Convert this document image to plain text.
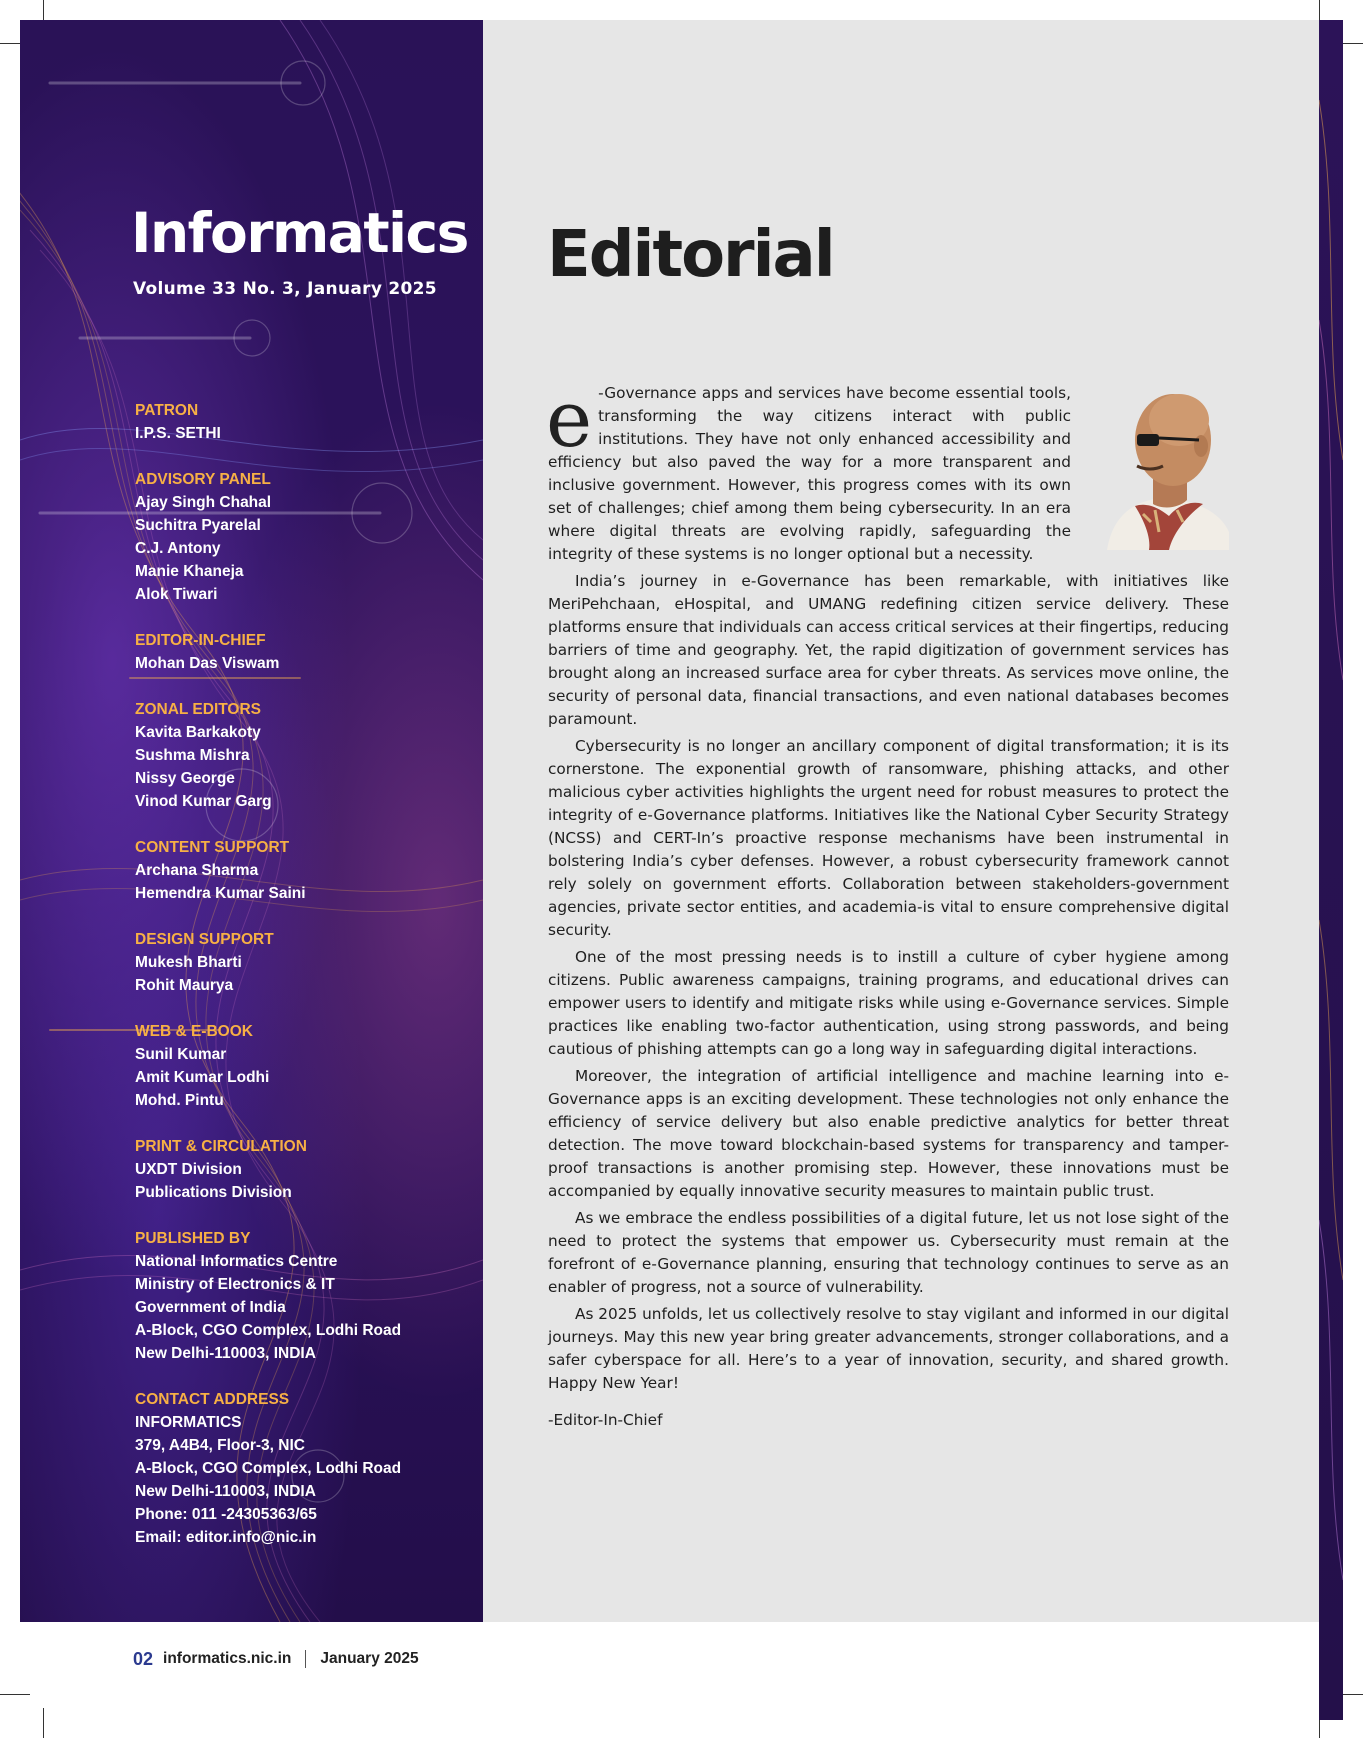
Informatics
Volume 33 No. 3, January 2025
PATRON
I.P.S. SETHI
ADVISORY PANEL
Ajay Singh Chahal
Suchitra Pyarelal
C.J. Antony
Manie Khaneja
Alok Tiwari
EDITOR-IN-CHIEF
Mohan Das Viswam
ZONAL EDITORS
Kavita Barkakoty
Sushma Mishra
Nissy George
Vinod Kumar Garg
CONTENT SUPPORT
Archana Sharma
Hemendra Kumar Saini
DESIGN SUPPORT
Mukesh Bharti
Rohit Maurya
WEB & E-BOOK
Sunil Kumar
Amit Kumar Lodhi
Mohd. Pintu
PRINT & CIRCULATION
UXDT Division
Publications Division
PUBLISHED BY
National Informatics Centre
Ministry of Electronics & IT
Government of India
A-Block, CGO Complex, Lodhi Road
New Delhi-110003, INDIA
CONTACT ADDRESS
INFORMATICS
379, A4B4, Floor-3, NIC
A-Block, CGO Complex, Lodhi Road
New Delhi-110003, INDIA
Phone: 011 -24305363/65
Email: editor.info@nic.in
Editorial

e -Governance apps and services have become essential tools, transforming the way citizens interact with public institutions. They have not only enhanced accessibility and efficiency but also paved the way for a more transparent and inclusive government. However, this progress comes with its own set of challenges; chief among them being cybersecurity. In an era where digital threats are evolving rapidly, safeguarding the integrity of these systems is no longer optional but a necessity.

India’s journey in e-Governance has been remarkable, with initiatives like MeriPehchaan, eHospital, and UMANG redefining citizen service delivery. These platforms ensure that individuals can access critical services at their fingertips, reducing barriers of time and geography. Yet, the rapid digitization of government services has brought along an increased surface area for cyber threats. As services move online, the security of personal data, financial transactions, and even national databases becomes paramount.

Cybersecurity is no longer an ancillary component of digital transformation; it is its cornerstone. The exponential growth of ransomware, phishing attacks, and other malicious cyber activities highlights the urgent need for robust measures to protect the integrity of e-Governance platforms. Initiatives like the National Cyber Security Strategy (NCSS) and CERT-In’s proactive response mechanisms have been instrumental in bolstering India’s cyber defenses. However, a robust cybersecurity framework cannot rely solely on government efforts. Collaboration between stakeholders-government agencies, private sector entities, and academia-is vital to ensure comprehensive digital security.

One of the most pressing needs is to instill a culture of cyber hygiene among citizens. Public awareness campaigns, training programs, and educational drives can empower users to identify and mitigate risks while using e-Governance services. Simple practices like enabling two-factor authentication, using strong passwords, and being cautious of phishing attempts can go a long way in safeguarding digital interactions.

Moreover, the integration of artificial intelligence and machine learning into e-Governance apps is an exciting development. These technologies not only enhance the efficiency of service delivery but also enable predictive analytics for better threat detection. The move toward blockchain-based systems for transparency and tamper-proof transactions is another promising step. However, these innovations must be accompanied by equally innovative security measures to maintain public trust.

As we embrace the endless possibilities of a digital future, let us not lose sight of the need to protect the systems that empower us. Cybersecurity must remain at the forefront of e-Governance planning, ensuring that technology continues to serve as an enabler of progress, not a source of vulnerability.

As 2025 unfolds, let us collectively resolve to stay vigilant and informed in our digital journeys. May this new year bring greater advancements, stronger collaborations, and a safer cyberspace for all. Here’s to a year of innovation, security, and shared growth. Happy New Year!

-Editor-In-Chief
02 informatics.nic.in January 2025
